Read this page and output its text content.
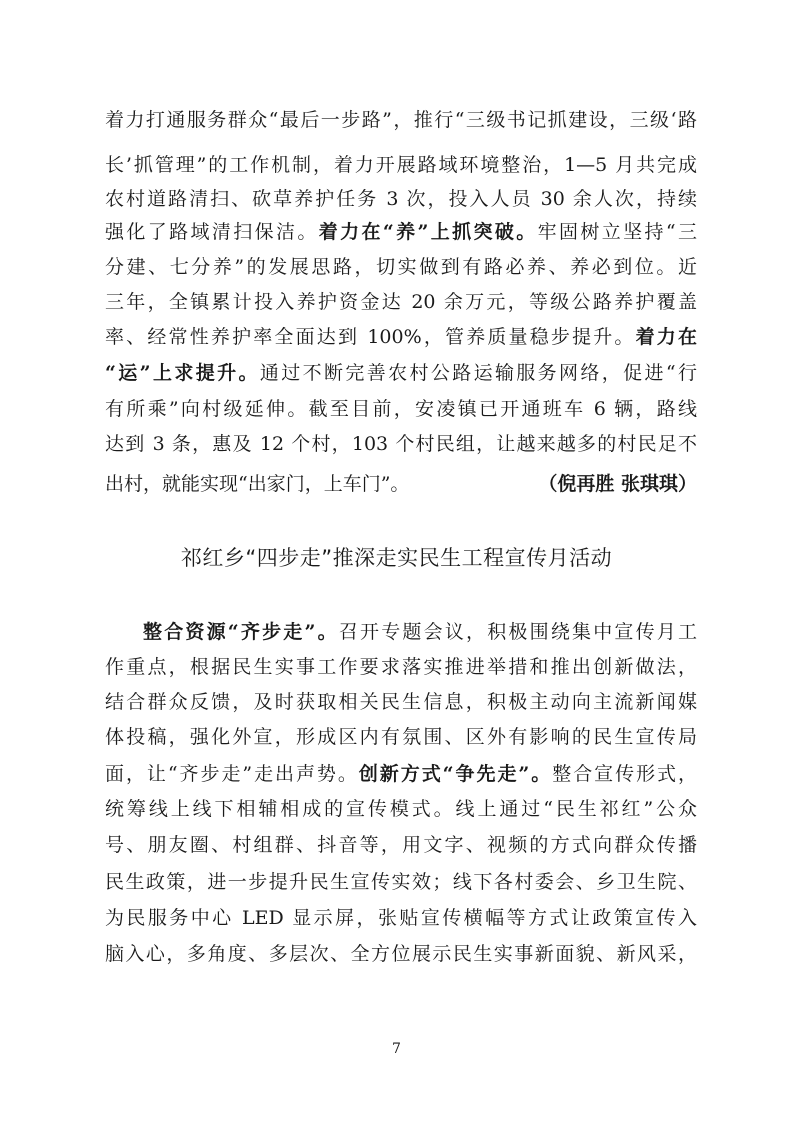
着力打通服务群众“最后一步路”，推行“三级书记抓建设，三级‘路
长’抓管理”的工作机制，着力开展路域环境整治，1—5 月共完成
农村道路清扫、砍草养护任务 3 次，投入人员 30 余人次，持续
强化了路域清扫保洁。着力在“养”上抓突破。牢固树立坚持“三
分建、七分养”的发展思路，切实做到有路必养、养必到位。近
三年，全镇累计投入养护资金达 20 余万元，等级公路养护覆盖
率、经常性养护率全面达到 100%，管养质量稳步提升。着力在
“运”上求提升。通过不断完善农村公路运输服务网络，促进“行
有所乘”向村级延伸。截至目前，安凌镇已开通班车 6 辆，路线
达到 3 条，惠及 12 个村，103 个村民组，让越来越多的村民足不
出村，就能实现“出家门，上车门”。	（倪再胜 张琪琪）
祁红乡“四步走”推深走实民生工程宣传月活动
整合资源“齐步走”。召开专题会议，积极围绕集中宣传月工
作重点，根据民生实事工作要求落实推进举措和推出创新做法，
结合群众反馈，及时获取相关民生信息，积极主动向主流新闻媒
体投稿，强化外宣，形成区内有氛围、区外有影响的民生宣传局
面，让“齐步走”走出声势。创新方式“争先走”。整合宣传形式，
统筹线上线下相辅相成的宣传模式。线上通过“民生祁红”公众
号、朋友圈、村组群、抖音等，用文字、视频的方式向群众传播
民生政策，进一步提升民生宣传实效；线下各村委会、乡卫生院、
为民服务中心 LED 显示屏，张贴宣传横幅等方式让政策宣传入
脑入心，多角度、多层次、全方位展示民生实事新面貌、新风采，
7
